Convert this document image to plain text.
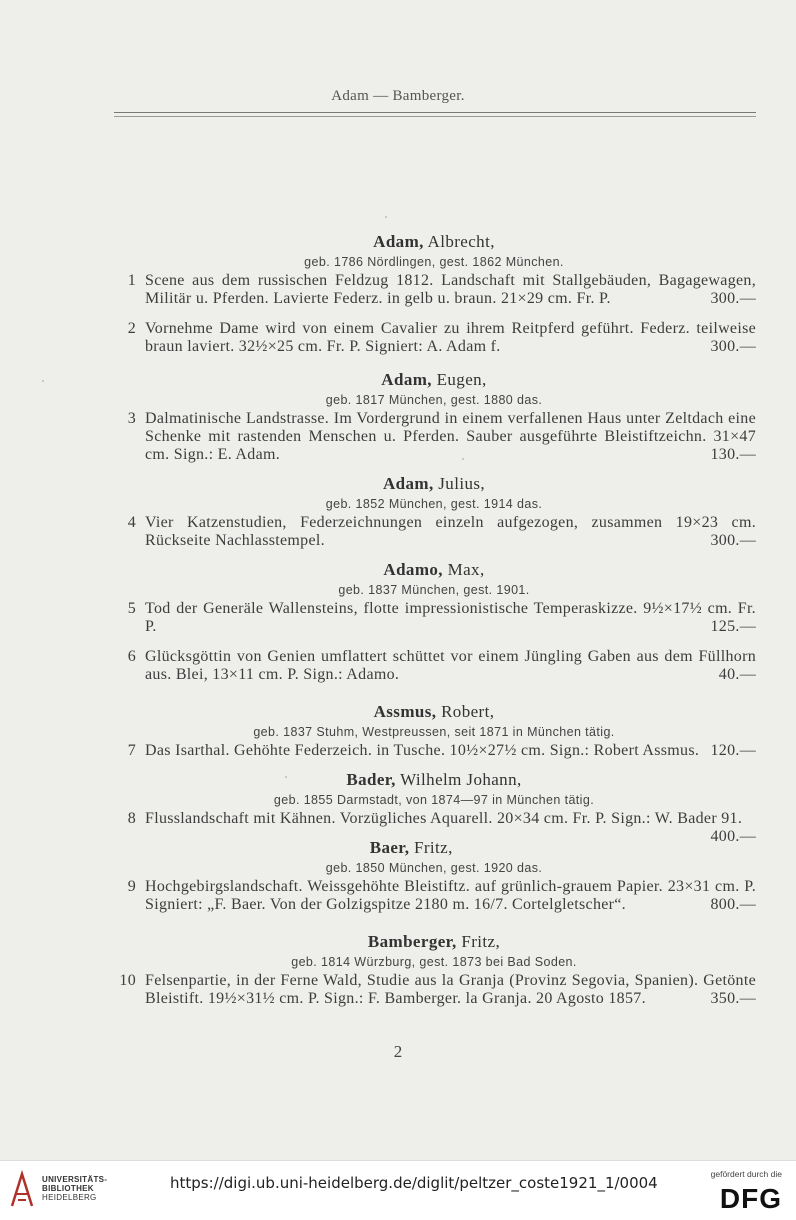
Adam — Bamberger.
Adam, Albrecht,
geb. 1786 Nördlingen, gest. 1862 München.
1 Scene aus dem russischen Feldzug 1812. Landschaft mit Stallgebäuden, Bagagewagen, Militär u. Pferden. Lavierte Federz. in gelb u. braun. 21×29 cm. Fr. P.	300.—
2 Vornehme Dame wird von einem Cavalier zu ihrem Reitpferd geführt. Federz. teilweise braun laviert. 32½×25 cm. Fr. P. Signiert: A. Adam f.	300.—
Adam, Eugen,
geb. 1817 München, gest. 1880 das.
3 Dalmatinische Landstrasse. Im Vordergrund in einem verfallenen Haus unter Zeltdach eine Schenke mit rastenden Menschen u. Pferden. Sauber ausgeführte Bleistiftzeichn. 31×47 cm. Sign.: E. Adam.	130.—
Adam, Julius,
geb. 1852 München, gest. 1914 das.
4 Vier Katzenstudien, Federzeichnungen einzeln aufgezogen, zusammen 19×23 cm. Rückseite Nachlasstempel.	300.—
Adamo, Max,
geb. 1837 München, gest. 1901.
5 Tod der Generäle Wallensteins, flotte impressionistische Temperaskizze. 9½×17½ cm. Fr. P.	125.—
6 Glücksgöttin von Genien umflattert schüttet vor einem Jüngling Gaben aus dem Füllhorn aus. Blei, 13×11 cm. P. Sign.: Adamo.	40.—
Assmus, Robert,
geb. 1837 Stuhm, Westpreussen, seit 1871 in München tätig.
7 Das Isarthal. Gehöhte Federzeich. in Tusche. 10½×27½ cm. Sign.: Robert Assmus. 120.—
Bader, Wilhelm Johann,
geb. 1855 Darmstadt, von 1874—97 in München tätig.
8 Flusslandschaft mit Kähnen. Vorzügliches Aquarell. 20×34 cm. Fr. P. Sign.: W. Bader 91.
400.—
Baer, Fritz,
geb. 1850 München, gest. 1920 das.
9 Hochgebirgslandschaft. Weissgehöhte Bleistiftz. auf grünlich-grauem Papier. 23×31 cm. P. Signiert: „F. Baer. Von der Golzigspitze 2180 m. 16/7. Cortelgletscher“.	800.—
Bamberger, Fritz,
geb. 1814 Würzburg, gest. 1873 bei Bad Soden.
10 Felsenpartie, in der Ferne Wald, Studie aus la Granja (Provinz Segovia, Spanien). Getönte Bleistift. 19½×31½ cm. P. Sign.: F. Bamberger. la Granja. 20 Agosto 1857.	350.—
2
UNIVERSITÄTS-
BIBLIOTHEK
HEIDELBERG
https://digi.ub.uni-heidelberg.de/diglit/peltzer_coste1921_1/0004	gefördert durch die
DFG
